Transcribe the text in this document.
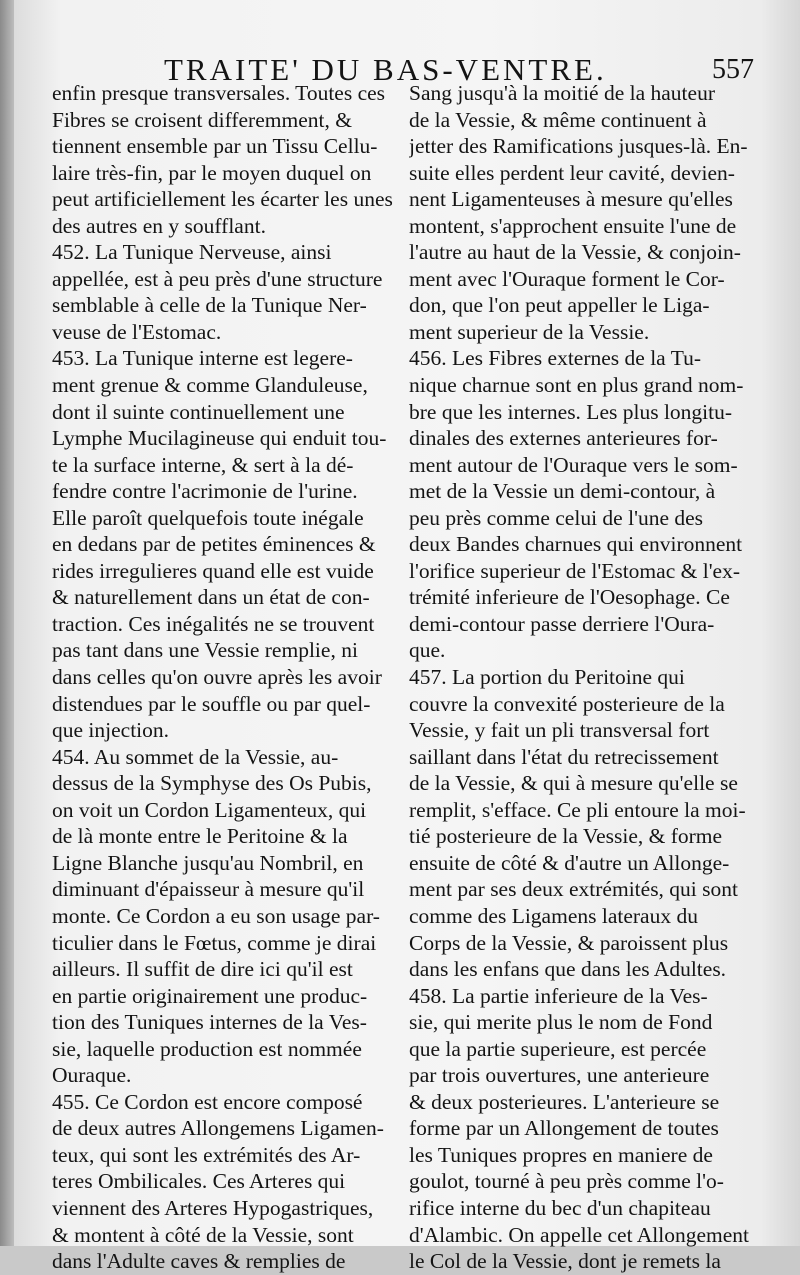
TRAITE' DU BAS-VENTRE.	557
enfin presque transversales. Toutes ces
Fibres se croisent differemment, &
tiennent ensemble par un Tissu Cellu-
laire très-fin, par le moyen duquel on
peut artificiellement les écarter les unes
des autres en y soufflant.
452. La Tunique Nerveuse, ainsi
appellée, est à peu près d'une structure
semblable à celle de la Tunique Ner-
veuse de l'Estomac.
453. La Tunique interne est legere-
ment grenue & comme Glanduleuse,
dont il suinte continuellement une
Lymphe Mucilagineuse qui enduit tou-
te la surface interne, & sert à la dé-
fendre contre l'acrimonie de l'urine.
Elle paroît quelquefois toute inégale
en dedans par de petites éminences &
rides irregulieres quand elle est vuide
& naturellement dans un état de con-
traction. Ces inégalités ne se trouvent
pas tant dans une Vessie remplie, ni
dans celles qu'on ouvre après les avoir
distendues par le souffle ou par quel-
que injection.
454. Au sommet de la Vessie, au-
dessus de la Symphyse des Os Pubis,
on voit un Cordon Ligamenteux, qui
de là monte entre le Peritoine & la
Ligne Blanche jusqu'au Nombril, en
diminuant d'épaisseur à mesure qu'il
monte. Ce Cordon a eu son usage par-
ticulier dans le Fœtus, comme je dirai
ailleurs. Il suffit de dire ici qu'il est
en partie originairement une produc-
tion des Tuniques internes de la Ves-
sie, laquelle production est nommée
Ouraque.
455. Ce Cordon est encore composé
de deux autres Allongemens Ligamen-
teux, qui sont les extrémités des Ar-
teres Ombilicales. Ces Arteres qui
viennent des Arteres Hypogastriques,
& montent à côté de la Vessie, sont
dans l'Adulte caves & remplies de
Sang jusqu'à la moitié de la hauteur
de la Vessie, & même continuent à
jetter des Ramifications jusques-là. En-
suite elles perdent leur cavité, devien-
nent Ligamenteuses à mesure qu'elles
montent, s'approchent ensuite l'une de
l'autre au haut de la Vessie, & conjoin-
ment avec l'Ouraque forment le Cor-
don, que l'on peut appeller le Liga-
ment superieur de la Vessie.
456. Les Fibres externes de la Tu-
nique charnue sont en plus grand nom-
bre que les internes. Les plus longitu-
dinales des externes anterieures for-
ment autour de l'Ouraque vers le som-
met de la Vessie un demi-contour, à
peu près comme celui de l'une des
deux Bandes charnues qui environnent
l'orifice superieur de l'Estomac & l'ex-
trémité inferieure de l'Oesophage. Ce
demi-contour passe derriere l'Oura-
que.
457. La portion du Peritoine qui
couvre la convexité posterieure de la
Vessie, y fait un pli transversal fort
saillant dans l'état du retrecissement
de la Vessie, & qui à mesure qu'elle se
remplit, s'efface. Ce pli entoure la moi-
tié posterieure de la Vessie, & forme
ensuite de côté & d'autre un Allonge-
ment par ses deux extrémités, qui sont
comme des Ligamens lateraux du
Corps de la Vessie, & paroissent plus
dans les enfans que dans les Adultes.
458. La partie inferieure de la Ves-
sie, qui merite plus le nom de Fond
que la partie superieure, est percée
par trois ouvertures, une anterieure
& deux posterieures. L'anterieure se
forme par un Allongement de toutes
les Tuniques propres en maniere de
goulot, tourné à peu près comme l'o-
rifice interne du bec d'un chapiteau
d'Alambic. On appelle cet Allongement
le Col de la Vessie, dont je remets la
